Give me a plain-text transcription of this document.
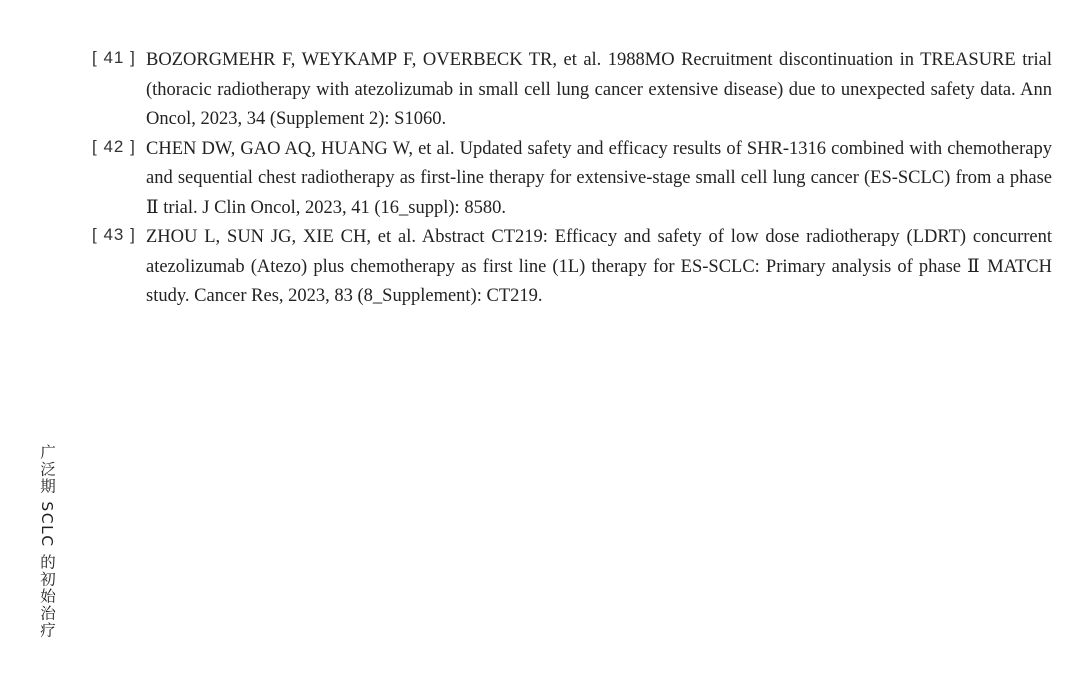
[ 41 ] BOZORGMEHR F, WEYKAMP F, OVERBECK TR, et al. 1988MO Recruitment discontinuation in TREASURE trial (thoracic radiotherapy with atezolizumab in small cell lung cancer extensive disease) due to unexpected safety data. Ann Oncol, 2023, 34 (Supplement 2): S1060.
[ 42 ] CHEN DW, GAO AQ, HUANG W, et al. Updated safety and efficacy results of SHR-1316 combined with chemotherapy and sequential chest radiotherapy as first-line therapy for extensive-stage small cell lung cancer (ES-SCLC) from a phase Ⅱ trial. J Clin Oncol, 2023, 41 (16_suppl): 8580.
[ 43 ] ZHOU L, SUN JG, XIE CH, et al. Abstract CT219: Efficacy and safety of low dose radiotherapy (LDRT) concurrent atezolizumab (Atezo) plus chemotherapy as first line (1L) therapy for ES-SCLC: Primary analysis of phase Ⅱ MATCH study. Cancer Res, 2023, 83 (8_Supplement): CT219.
广泛期 SCLC 的初始治疗
